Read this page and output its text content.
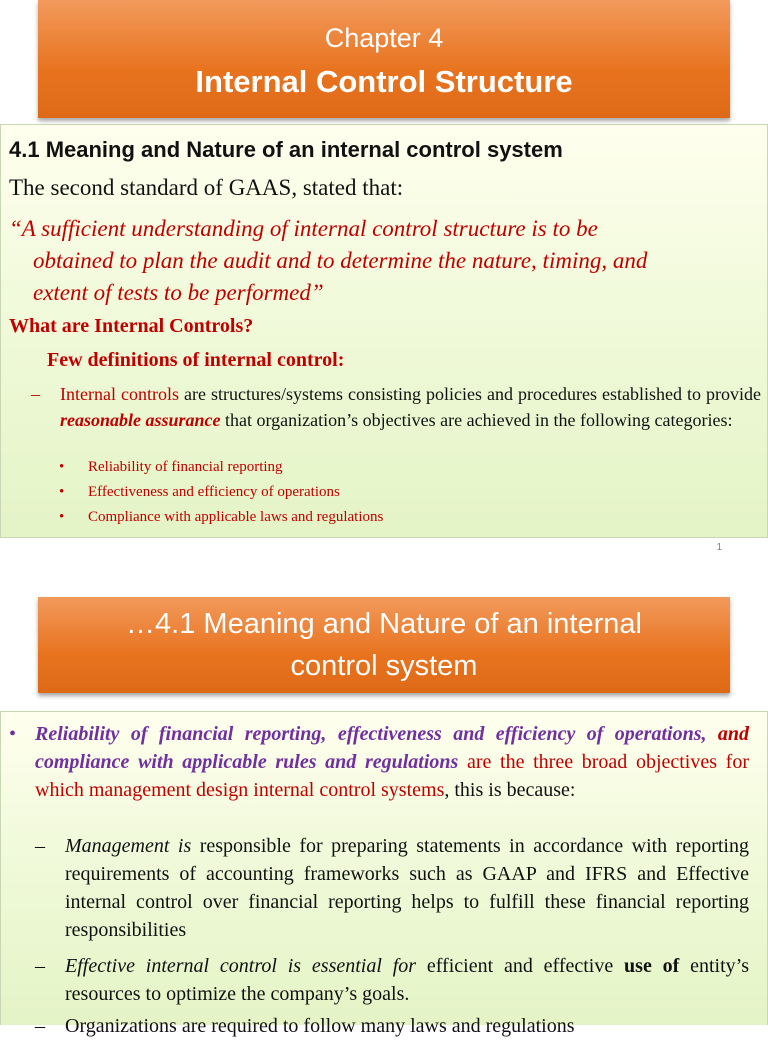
Chapter 4
Internal Control Structure
4.1 Meaning and Nature of an internal control system
The second standard of GAAS, stated that:
“A sufficient understanding of internal control structure is to be
obtained to plan the audit and to determine the nature, timing, and
extent of tests to be performed”
What are Internal Controls?
Few definitions of internal control:
– Internal controls are structures/systems consisting policies and procedures established to provide reasonable assurance that organization’s objectives are achieved in the following categories:
• Reliability of financial reporting
• Effectiveness and efficiency of operations
• Compliance with applicable laws and regulations
1
…4.1 Meaning and Nature of an internal
control system
• Reliability of financial reporting, effectiveness and efficiency of operations, and compliance with applicable rules and regulations are the three broad objectives for which management design internal control systems, this is because:
– Management is responsible for preparing statements in accordance with reporting requirements of accounting frameworks such as GAAP and IFRS and Effective internal control over financial reporting helps to fulfill these financial reporting responsibilities
– Effective internal control is essential for efficient and effective use of entity’s resources to optimize the company’s goals.
– Organizations are required to follow many laws and regulations
